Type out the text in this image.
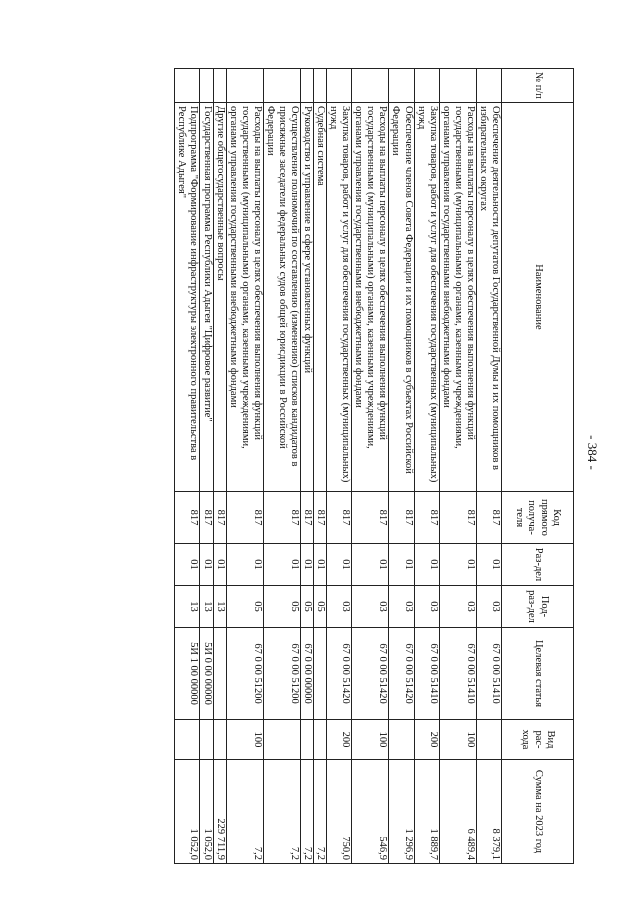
- 384 -
№ п/п	Наименование	Код прямого получа-теля	Раз-дел	Под-раз-дел	Целевая статья	Вид рас-хода	Сумма на 2023 год
	Обеспечение деятельности депутатов Государственной Думы и их помощников в избирательных округах	817	01	03	67 0 00 51410		8 379,1
	Расходы на выплаты персоналу в целях обеспечения выполнения функций государственными (муниципальными) органами, казенными учреждениями, органами управления государственными внебюджетными фондами	817	01	03	67 0 00 51410	100	6 489,4
	Закупка товаров, работ и услуг для обеспечения государственных (муниципальных) нужд	817	01	03	67 0 00 51410	200	1 889,7
	Обеспечение членов Совета Федерации и их помощников в субъектах Российской Федерации	817	01	03	67 0 00 51420		1 296,9
	Расходы на выплаты персоналу в целях обеспечения выполнения функций государственными (муниципальными) органами, казенными учреждениями, органами управления государственными внебюджетными фондами	817	01	03	67 0 00 51420	100	546,9
	Закупка товаров, работ и услуг для обеспечения государственных (муниципальных) нужд	817	01	03	67 0 00 51420	200	750,0
	Судебная система	817	01	05			7,2
	Руководство и управление в сфере установленных функций	817	01	05	67 0 00 00000		7,2
	Осуществление полномочий по составлению (изменению) списков кандидатов в присяжные заседатели федеральных судов общей юрисдикции в Российской Федерации	817	01	05	67 0 00 51200		7,2
	Расходы на выплаты персоналу в целях обеспечения выполнения функций государственными (муниципальными) органами, казенными учреждениями, органами управления государственными внебюджетными фондами	817	01	05	67 0 00 51200	100	7,2
	Другие общегосударственные вопросы	817	01	13			229 711,9
	Государственная программа Республики Адыгея "Цифровое развитие"	817	01	13	5И 0 00 00000		1 052,0
	Подпрограмма "Формирование инфраструктуры электронного правительства в Республике Адыгея"	817	01	13	5И 1 00 00000		1 052,0
